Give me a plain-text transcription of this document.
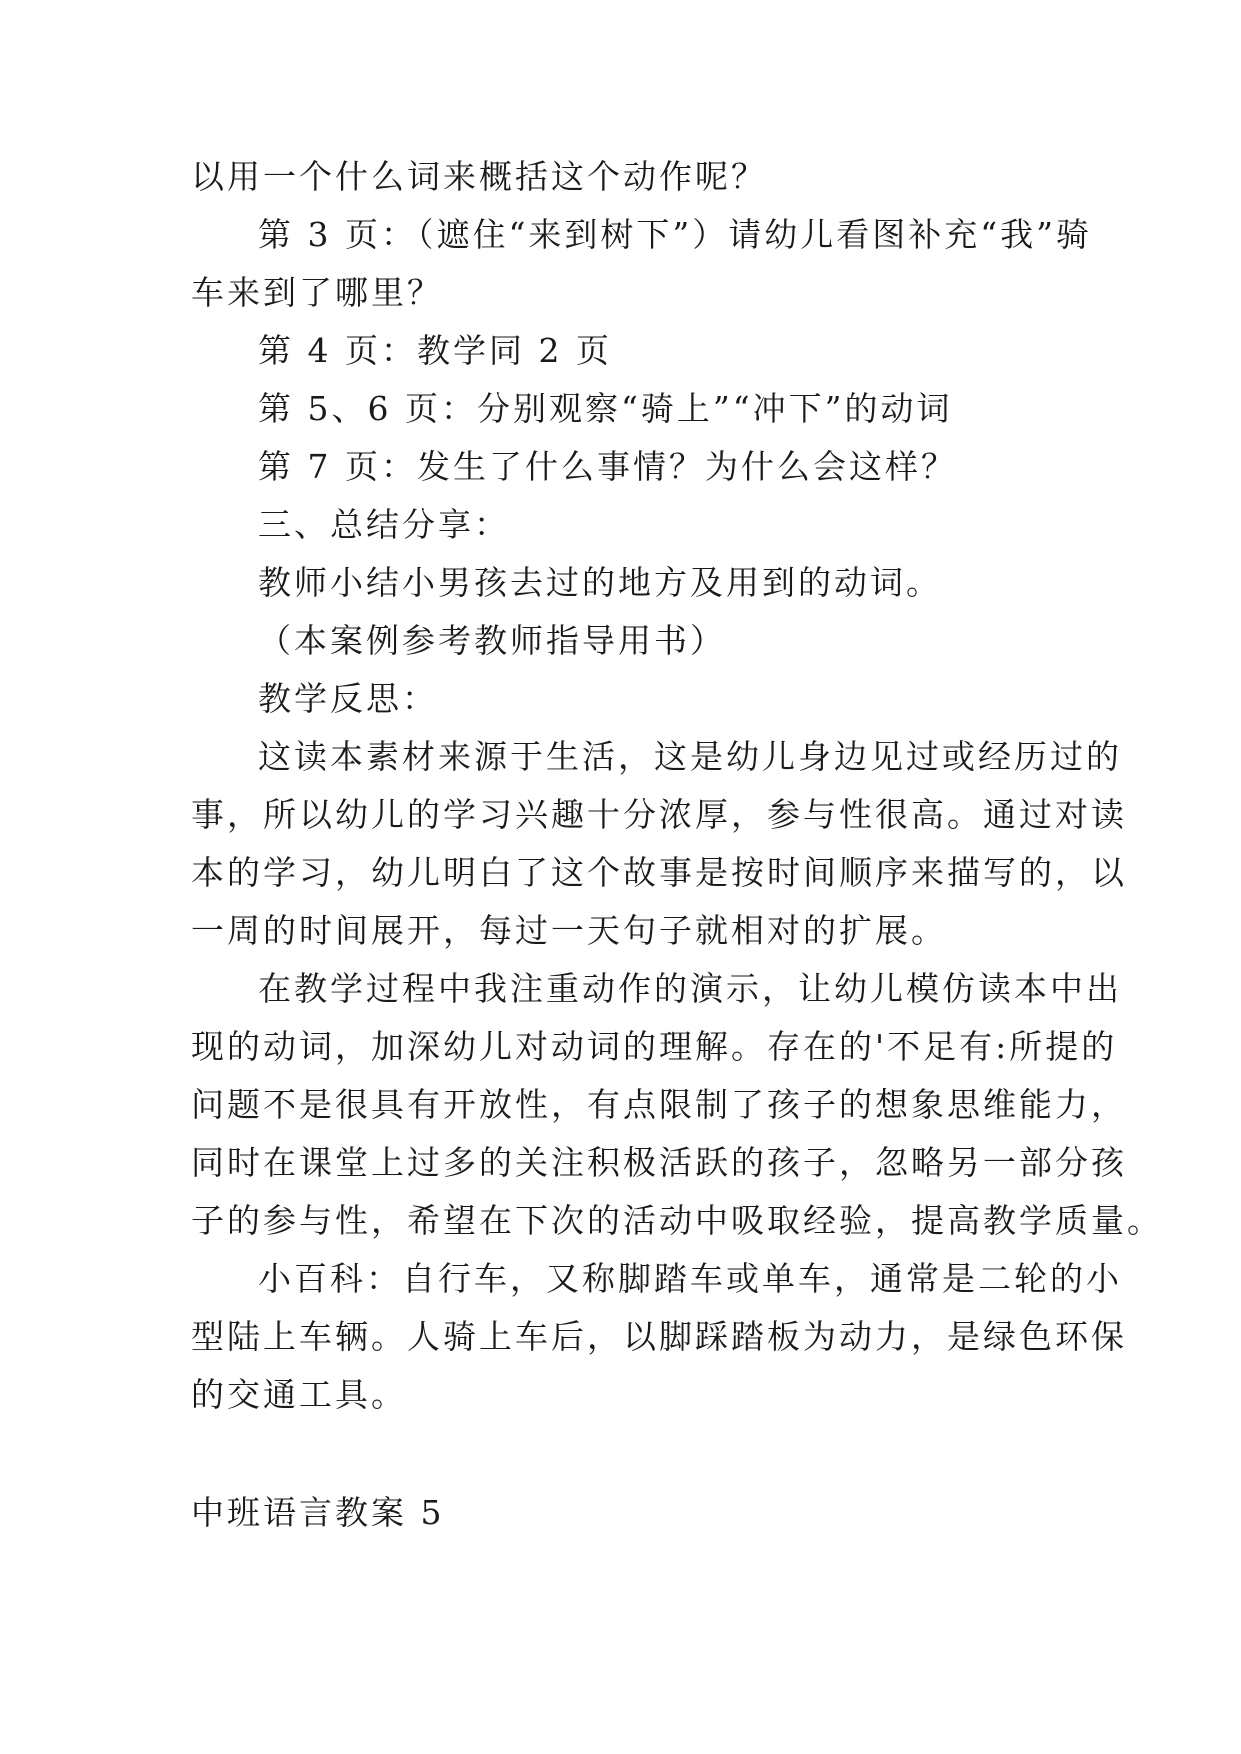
以用一个什么词来概括这个动作呢？
第 3 页：（遮住“来到树下”）请幼儿看图补充“我”骑
车来到了哪里？
第 4 页：教学同 2 页
第 5、6 页：分别观察“骑上”“冲下”的动词
第 7 页：发生了什么事情？为什么会这样？
三、总结分享：
教师小结小男孩去过的地方及用到的动词。
（本案例参考教师指导用书）
教学反思：
这读本素材来源于生活，这是幼儿身边见过或经历过的
事，所以幼儿的学习兴趣十分浓厚，参与性很高。通过对读
本的学习，幼儿明白了这个故事是按时间顺序来描写的，以
一周的时间展开，每过一天句子就相对的扩展。
在教学过程中我注重动作的演示，让幼儿模仿读本中出
现的动词，加深幼儿对动词的理解。存在的'不足有:所提的
问题不是很具有开放性，有点限制了孩子的想象思维能力，
同时在课堂上过多的关注积极活跃的孩子，忽略另一部分孩
子的参与性，希望在下次的活动中吸取经验，提高教学质量。
小百科：自行车，又称脚踏车或单车，通常是二轮的小
型陆上车辆。人骑上车后，以脚踩踏板为动力，是绿色环保
的交通工具。
中班语言教案 5
